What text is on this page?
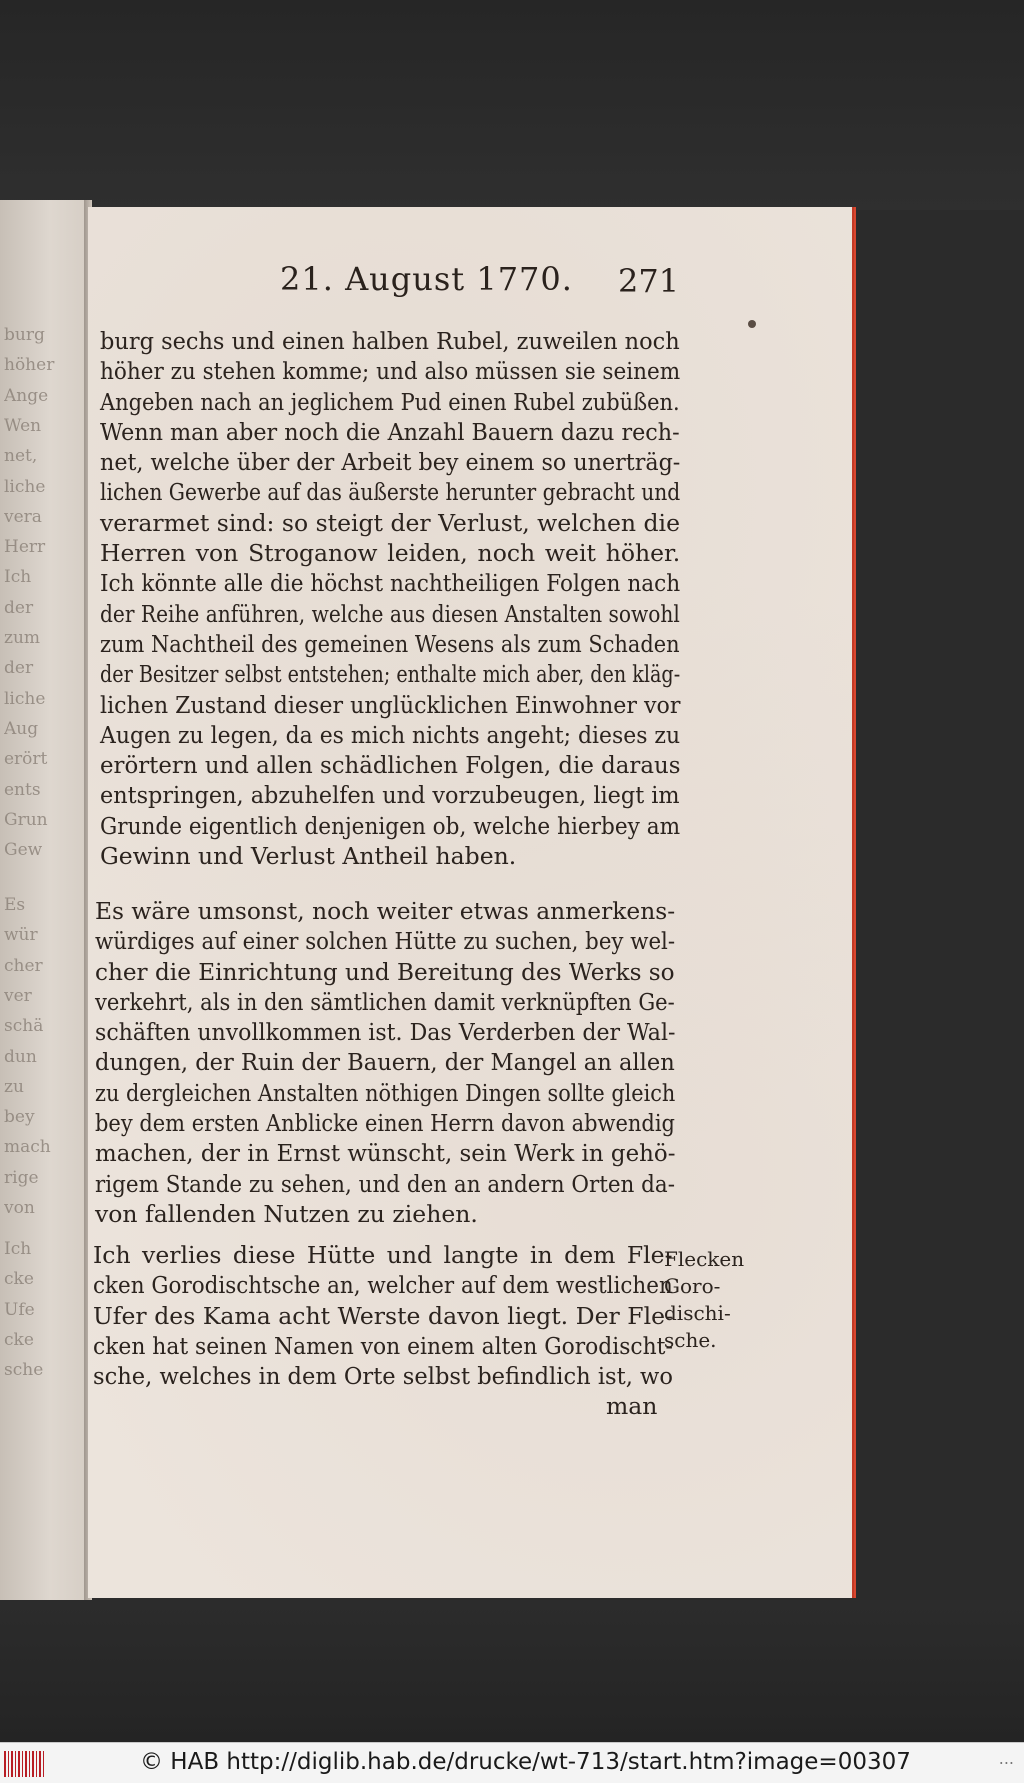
burg
höher
Ange
Wen
net,
liche
vera
Herr
Ich
der
zum
der
liche
Aug
erört
ents
Grun
Gew
Es
wür
cher
ver
schä
dun
zu
bey
mach
rige
von
Ich
cke
Ufe
cke
sche
21. August 1770. 271
burg sechs und einen halben Rubel, zuweilen noch
höher zu stehen komme; und also müssen sie seinem
Angeben nach an jeglichem Pud einen Rubel zubüßen.
Wenn man aber noch die Anzahl Bauern dazu rech-
net, welche über der Arbeit bey einem so unerträg-
lichen Gewerbe auf das äußerste herunter gebracht und
verarmet sind: so steigt der Verlust, welchen die
Herren von Stroganow leiden, noch weit höher.
Ich könnte alle die höchst nachtheiligen Folgen nach
der Reihe anführen, welche aus diesen Anstalten sowohl
zum Nachtheil des gemeinen Wesens als zum Schaden
der Besitzer selbst entstehen; enthalte mich aber, den kläg-
lichen Zustand dieser unglücklichen Einwohner vor
Augen zu legen, da es mich nichts angeht; dieses zu
erörtern und allen schädlichen Folgen, die daraus
entspringen, abzuhelfen und vorzubeugen, liegt im
Grunde eigentlich denjenigen ob, welche hierbey am
Gewinn und Verlust Antheil haben.
Es wäre umsonst, noch weiter etwas anmerkens-
würdiges auf einer solchen Hütte zu suchen, bey wel-
cher die Einrichtung und Bereitung des Werks so
verkehrt, als in den sämtlichen damit verknüpften Ge-
schäften unvollkommen ist. Das Verderben der Wal-
dungen, der Ruin der Bauern, der Mangel an allen
zu dergleichen Anstalten nöthigen Dingen sollte gleich
bey dem ersten Anblicke einen Herrn davon abwendig
machen, der in Ernst wünscht, sein Werk in gehö-
rigem Stande zu sehen, und den an andern Orten da-
von fallenden Nutzen zu ziehen.
Ich verlies diese Hütte und langte in dem Fle-
cken Gorodischtsche an, welcher auf dem westlichen
Ufer des Kama acht Werste davon liegt. Der Fle-
cken hat seinen Namen von einem alten Gorodischt-
sche, welches in dem Orte selbst befindlich ist, wo
Flecken
Goro-
dischi-
sche.
man
© HAB http://diglib.hab.de/drucke/wt-713/start.htm?image=00307	...
